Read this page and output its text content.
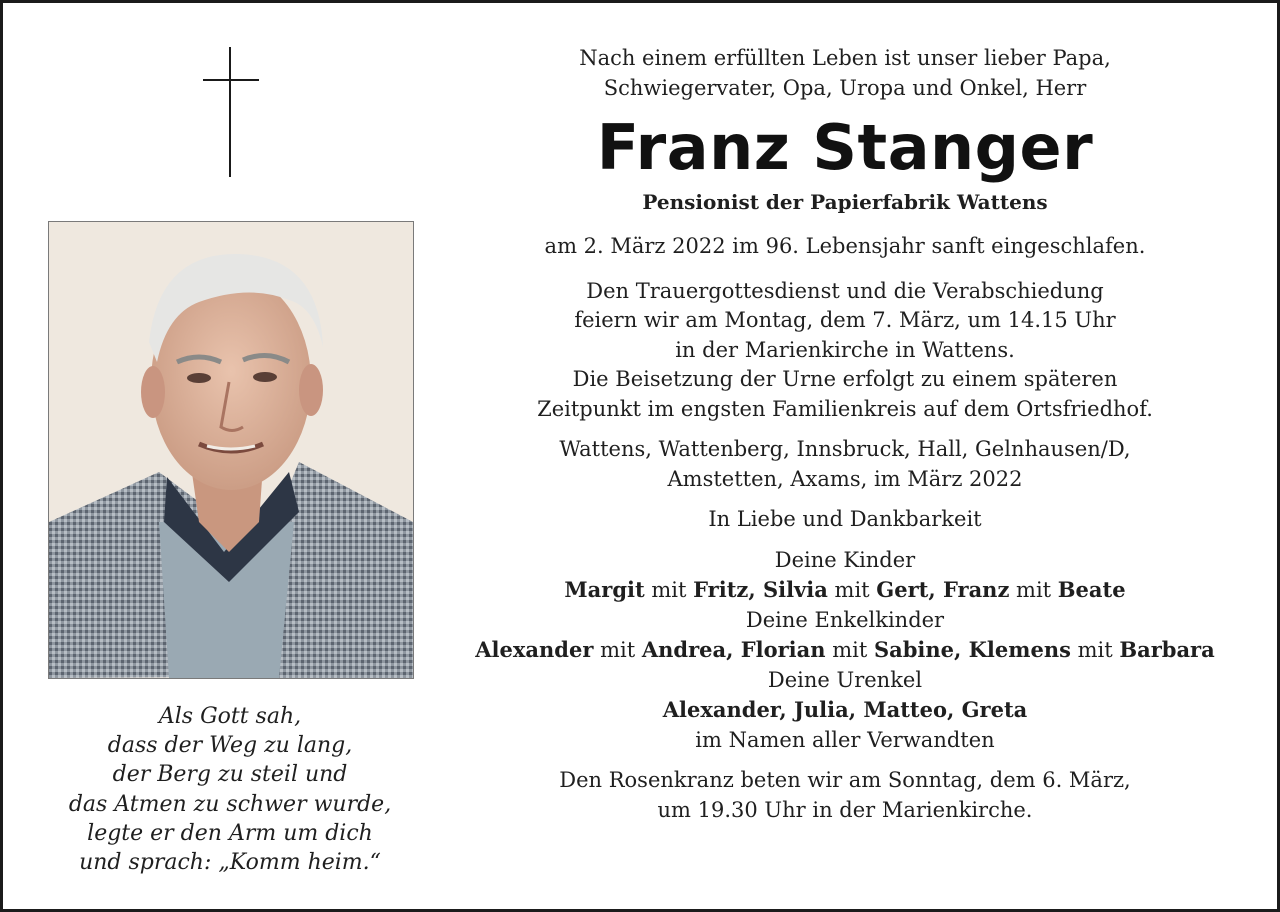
Als Gott sah,
dass der Weg zu lang,
der Berg zu steil und
das Atmen zu schwer wurde,
legte er den Arm um dich
und sprach: „Komm heim.“
Nach einem erfüllten Leben ist unser lieber Papa,
Schwiegervater, Opa, Uropa und Onkel, Herr
Franz Stanger
Pensionist der Papierfabrik Wattens
am 2. März 2022 im 96. Lebensjahr sanft eingeschlafen.
Den Trauergottesdienst und die Verabschiedung
feiern wir am Montag, dem 7. März, um 14.15 Uhr
in der Marienkirche in Wattens.
Die Beisetzung der Urne erfolgt zu einem späteren
Zeitpunkt im engsten Familienkreis auf dem Ortsfriedhof.
Wattens, Wattenberg, Innsbruck, Hall, Gelnhausen/D,
Amstetten, Axams, im März 2022
In Liebe und Dankbarkeit
Deine Kinder
Margit mit Fritz, Silvia mit Gert, Franz mit Beate
Deine Enkelkinder
Alexander mit Andrea, Florian mit Sabine, Klemens mit Barbara
Deine Urenkel
Alexander, Julia, Matteo, Greta
im Namen aller Verwandten
Den Rosenkranz beten wir am Sonntag, dem 6. März,
um 19.30 Uhr in der Marienkirche.
